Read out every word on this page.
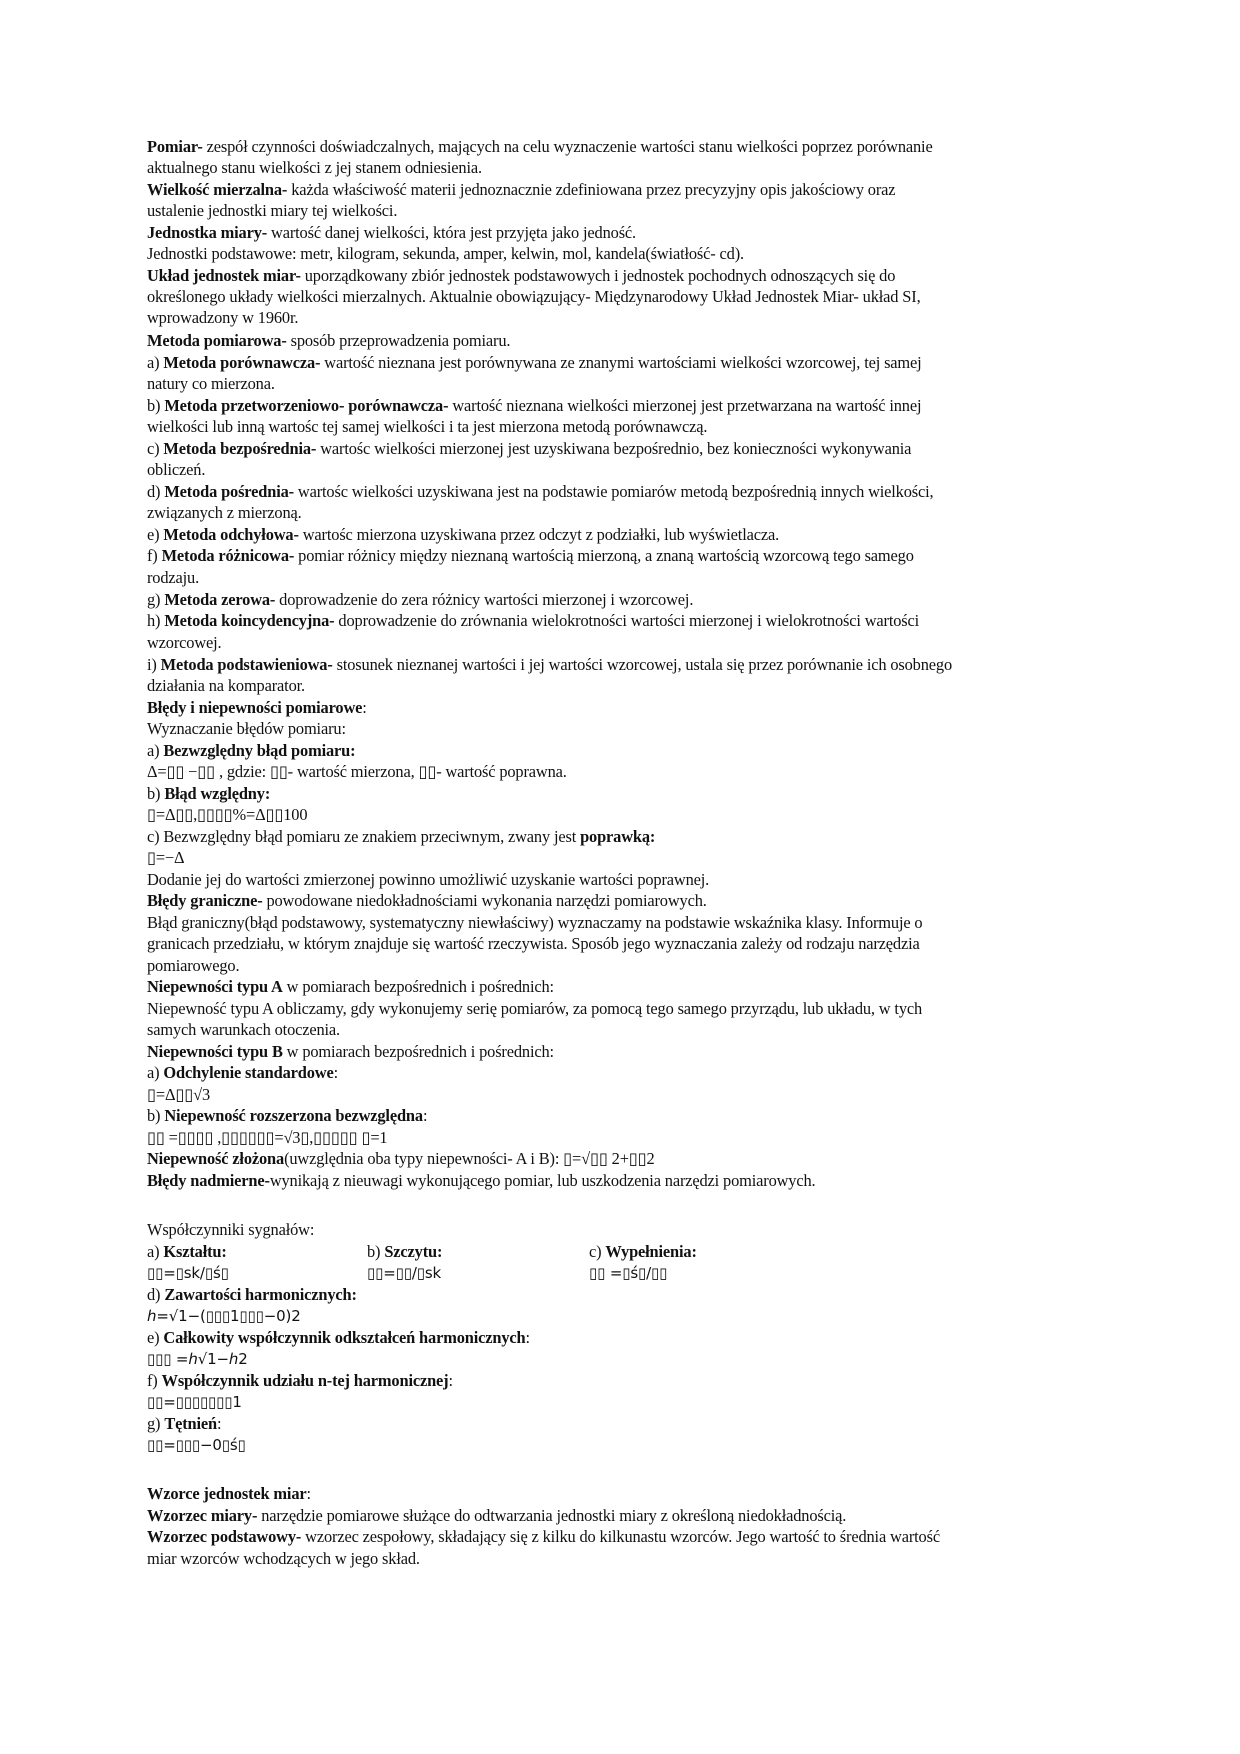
Pomiar- zespół czynności doświadczalnych, mających na celu wyznaczenie wartości stanu wielkości poprzez porównanie
aktualnego stanu wielkości z jej stanem odniesienia.
Wielkość mierzalna- każda właściwość materii jednoznacznie zdefiniowana przez precyzyjny opis jakościowy oraz
ustalenie jednostki miary tej wielkości.
Jednostka miary- wartość danej wielkości, która jest przyjęta jako jedność.
Jednostki podstawowe: metr, kilogram, sekunda, amper, kelwin, mol, kandela(światłość- cd).
Układ jednostek miar- uporządkowany zbiór jednostek podstawowych i jednostek pochodnych odnoszących się do
określonego układy wielkości mierzalnych. Aktualnie obowiązujący- Międzynarodowy Układ Jednostek Miar- układ SI,
wprowadzony w 1960r.
Metoda pomiarowa- sposób przeprowadzenia pomiaru.
a) Metoda porównawcza- wartość nieznana jest porównywana ze znanymi wartościami wielkości wzorcowej, tej samej
natury co mierzona.
b) Metoda przetworzeniowo- porównawcza- wartość nieznana wielkości mierzonej jest przetwarzana na wartość innej
wielkości lub inną wartośc tej samej wielkości i ta jest mierzona metodą porównawczą.
c) Metoda bezpośrednia- wartośc wielkości mierzonej jest uzyskiwana bezpośrednio, bez konieczności wykonywania
obliczeń.
d) Metoda pośrednia- wartośc wielkości uzyskiwana jest na podstawie pomiarów metodą bezpośrednią innych wielkości,
związanych z mierzoną.
e) Metoda odchyłowa- wartośc mierzona uzyskiwana przez odczyt z podziałki, lub wyświetlacza.
f) Metoda różnicowa- pomiar różnicy między nieznaną wartością mierzoną, a znaną wartością wzorcową tego samego
rodzaju.
g) Metoda zerowa- doprowadzenie do zera różnicy wartości mierzonej i wzorcowej.
h) Metoda koincydencyjna- doprowadzenie do zrównania wielokrotności wartości mierzonej i wielokrotności wartości
wzorcowej.
i) Metoda podstawieniowa- stosunek nieznanej wartości i jej wartości wzorcowej, ustala się przez porównanie ich osobnego
działania na komparator.
Błędy i niepewności pomiarowe:
Wyznaczanie błędów pomiaru:
a) Bezwzględny błąd pomiaru:
Δ=▯▯ −▯▯ , gdzie: ▯▯- wartość mierzona, ▯▯- wartość poprawna.
b) Błąd względny:
▯=Δ▯▯,▯▯▯▯%=Δ▯▯100
c) Bezwzględny błąd pomiaru ze znakiem przeciwnym, zwany jest poprawką:
▯=−Δ
Dodanie jej do wartości zmierzonej powinno umożliwić uzyskanie wartości poprawnej.
Błędy graniczne- powodowane niedokładnościami wykonania narzędzi pomiarowych.
Błąd graniczny(błąd podstawowy, systematyczny niewłaściwy) wyznaczamy na podstawie wskaźnika klasy. Informuje o
granicach przedziału, w którym znajduje się wartość rzeczywista. Sposób jego wyznaczania zależy od rodzaju narzędzia
pomiarowego.
Niepewności typu A w pomiarach bezpośrednich i pośrednich:
Niepewność typu A obliczamy, gdy wykonujemy serię pomiarów, za pomocą tego samego przyrządu, lub układu, w tych
samych warunkach otoczenia.
Niepewności typu B w pomiarach bezpośrednich i pośrednich:
a) Odchylenie standardowe:
▯=Δ▯▯√3
b) Niepewność rozszerzona bezwzględna:
▯▯ =▯▯▯▯ ,▯▯▯▯▯▯=√3▯,▯▯▯▯▯ ▯=1
Niepewność złożona(uwzględnia oba typy niepewności- A i B): ▯=√▯▯ 2+▯▯2
Błędy nadmierne-wynikają z nieuwagi wykonującego pomiar, lub uszkodzenia narzędzi pomiarowych.
Współczynniki sygnałów:
a) Kształtu:
▯▯=▯sk/▯ś▯
b) Szczytu:
▯▯=▯▯/▯sk
c) Wypełnienia:
▯▯ =▯ś▯/▯▯
d) Zawartości harmonicznych:
ℎ=√1−(▯▯▯1▯▯▯−0)2
e) Całkowity współczynnik odkształceń harmonicznych:
▯▯▯ =ℎ√1−ℎ2
f) Współczynnik udziału n-tej harmonicznej:
▯▯=▯▯▯▯▯▯▯1
g) Tętnień:
▯▯=▯▯▯−0▯ś▯
Wzorce jednostek miar:
Wzorzec miary- narzędzie pomiarowe służące do odtwarzania jednostki miary z określoną niedokładnością.
Wzorzec podstawowy- wzorzec zespołowy, składający się z kilku do kilkunastu wzorców. Jego wartość to średnia wartość
miar wzorców wchodzących w jego skład.
